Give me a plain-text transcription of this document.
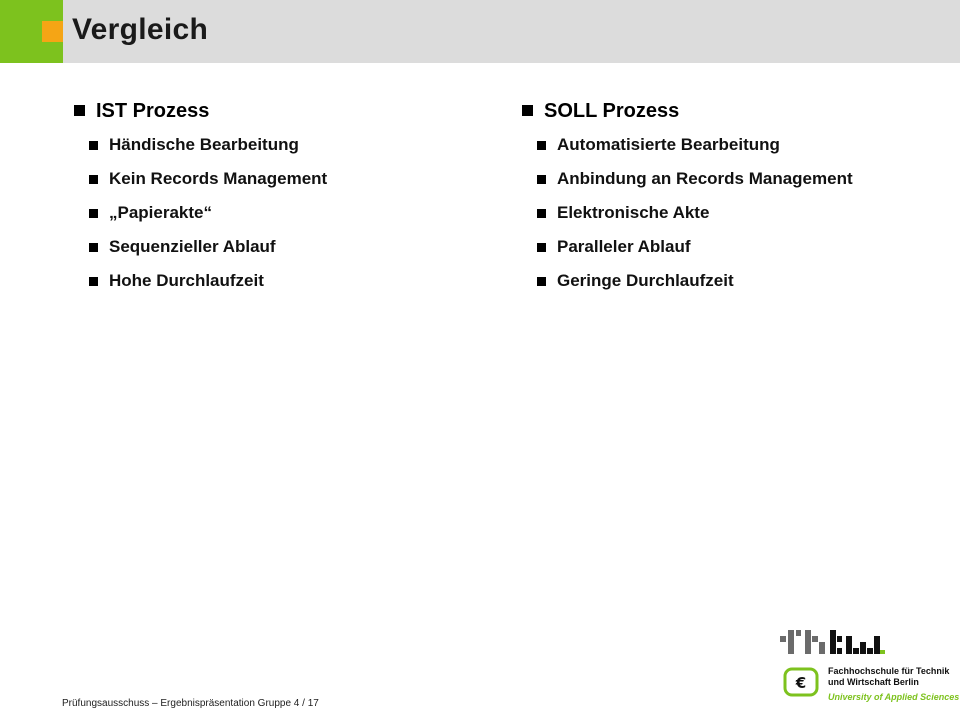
Vergleich
IST Prozess
Händische Bearbeitung
Kein Records Management
„Papierakte“
Sequenzieller Ablauf
Hohe Durchlaufzeit
SOLL Prozess
Automatisierte Bearbeitung
Anbindung an Records Management
Elektronische Akte
Paralleler Ablauf
Geringe Durchlaufzeit
Prüfungsausschuss – Ergebnispräsentation Gruppe 4 / 17
€
Fachhochschule für Technik
und Wirtschaft Berlin
University of Applied Sciences
